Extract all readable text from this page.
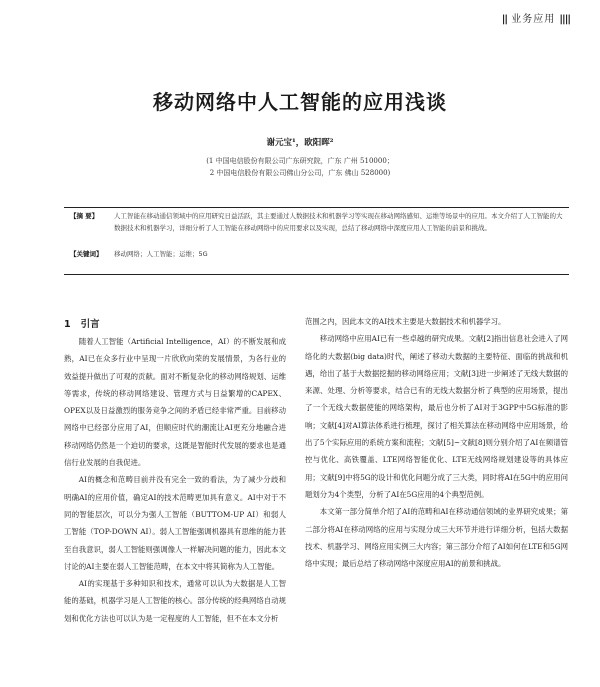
|| 业务应用 ||||
移动网络中人工智能的应用浅谈
谢元宝¹，欧阳晖²
(1 中国电信股份有限公司广东研究院，广东 广州 510000；
2 中国电信股份有限公司佛山分公司，广东 佛山 528000)
【摘 要】 人工智能在移动通信领域中的应用研究日益活跃，其主要通过人数据技术和机器学习等实现在移动网络感知、运维等场景中的应用。本文介绍了人工智能的大数据技术和机器学习，详细分析了人工智能在移动网络中的应用要求以及实现，总结了移动网络中深度应用人工智能的前景和挑战。
【关键词】 移动网络；人工智能；运维；5G
1 引言

随着人工智能（Artificial Intelligence，AI）的不断发展和成熟，AI已在众多行业中呈现一片欣欣向荣的发展情景，为各行业的效益提升做出了可观的贡献。面对不断复杂化的移动网络规划、运维等需求，传统的移动网络建设、管理方式与日益繁增的CAPEX、OPEX以及日益激烈的服务竞争之间的矛盾已经非常严重。目前移动网络中已经部分应用了AI，但顺应时代的潮流让AI更充分地融合进移动网络仍然是一个迫切的要求，这既是智能时代发展的要求也是通信行业发展的自我促进。

AI的概念和范畴目前并没有完全一致的看法，为了减少分歧和明确AI的应用价值，确定AI的技术范畴更加具有意义。AI中对于不同的智能层次，可以分为强人工智能（BUTTOM-UP AI）和弱人工智能（TOP-DOWN AI）。弱人工智能强调机器具有思维的能力甚至自我意识，弱人工智能则强调像人一样解决问题的能力，因此本文讨论的AI主要在弱人工智能范畴，在本文中将其简称为人工智能。

AI的实现基于多种知识和技术，通常可以认为大数据是人工智能的基础，机器学习是人工智能的核心。部分传统的经典网络自动规划和优化方法也可以认为是一定程度的人工智能，但不在本文分析

范围之内，因此本文的AI技术主要是大数据技术和机器学习。

移动网络中应用AI已有一些卓越的研究成果。文献[2]指出信息社会进入了网络化的大数据(big data)时代，阐述了移动大数据的主要特征、面临的挑战和机遇，给出了基于大数据挖掘的移动网络应用；文献[3]进一步阐述了无线大数据的来源、处理、分析等要求，结合已有的无线大数据分析了典型的应用场景，提出了一个无线大数据使能的网络架构，最后也分析了AI对于3GPP中5G标准的影响；文献[4]对AI算法体系进行梳理，探讨了相关算法在移动网络中应用场景，给出了5个实际应用的系统方案和流程；文献[5]~文献[8]则分别介绍了AI在频谱管控与优化、高铁覆盖、LTE网络智能优化、LTE无线网络规划建设等的具体应用；文献[9]中将5G的设计和优化问题分成了三大类，同时将AI在5G中的应用问题划分为4个类型，分析了AI在5G应用的4个典型范例。

本文第一部分简单介绍了AI的范畴和AI在移动通信领域的业界研究成果；第二部分将AI在移动网络的应用与实现分成三大环节并进行详细分析，包括大数据技术、机器学习、网络应用实例三大内容；第三部分介绍了AI如何在LTE和5G网络中实现；最后总结了移动网络中深度应用AI的前景和挑战。
